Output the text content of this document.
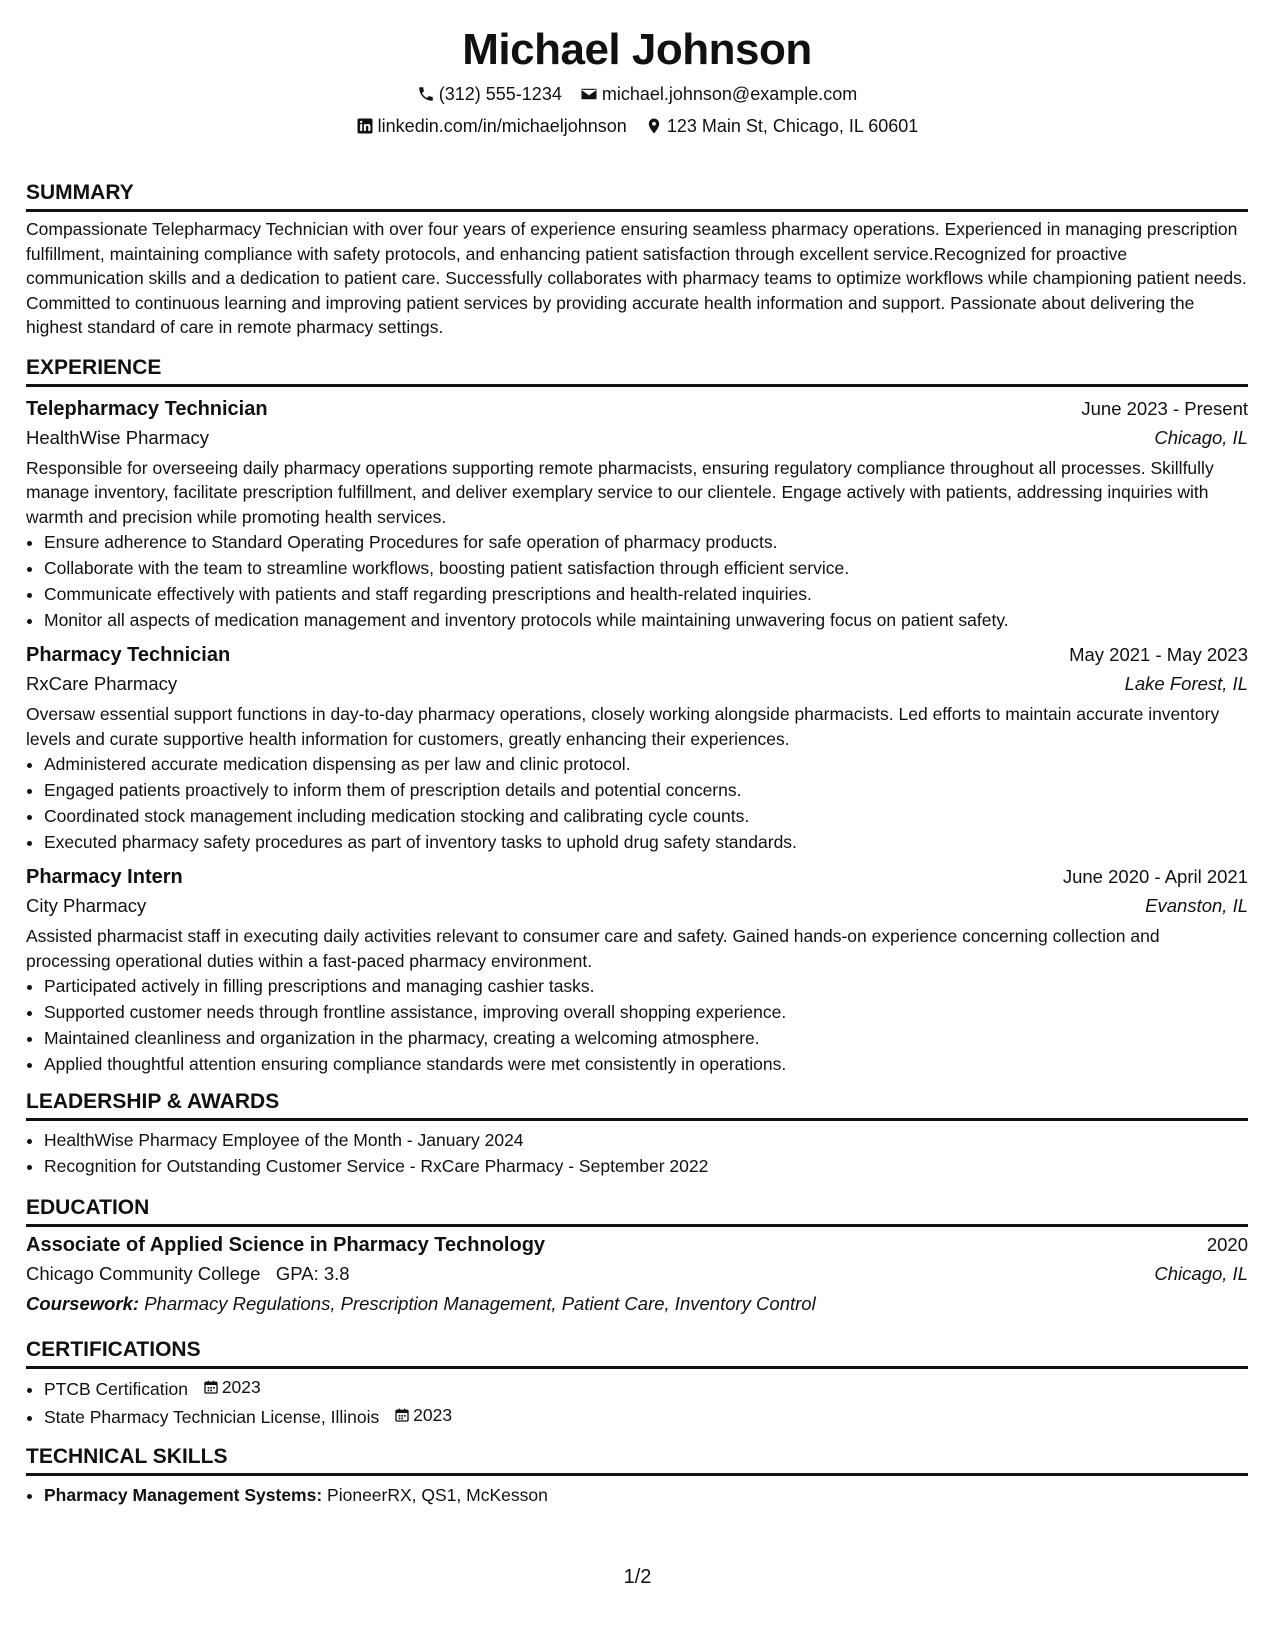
Michael Johnson
(312) 555-1234 michael.johnson@example.com
linkedin.com/in/michaeljohnson 123 Main St, Chicago, IL 60601
SUMMARY

Compassionate Telepharmacy Technician with over four years of experience ensuring seamless pharmacy operations. Experienced in managing prescription fulfillment, maintaining compliance with safety protocols, and enhancing patient satisfaction through excellent service.Recognized for proactive communication skills and a dedication to patient care. Successfully collaborates with pharmacy teams to optimize workflows while championing patient needs. Committed to continuous learning and improving patient services by providing accurate health information and support. Passionate about delivering the highest standard of care in remote pharmacy settings.

EXPERIENCE
Telepharmacy Technician	June 2023 - Present
HealthWise Pharmacy	Chicago, IL

Responsible for overseeing daily pharmacy operations supporting remote pharmacists, ensuring regulatory compliance throughout all processes. Skillfully manage inventory, facilitate prescription fulfillment, and deliver exemplary service to our clientele. Engage actively with patients, addressing inquiries with warmth and precision while promoting health services.

• Ensure adherence to Standard Operating Procedures for safe operation of pharmacy products.
• Collaborate with the team to streamline workflows, boosting patient satisfaction through efficient service.
• Communicate effectively with patients and staff regarding prescriptions and health-related inquiries.
• Monitor all aspects of medication management and inventory protocols while maintaining unwavering focus on patient safety.
Pharmacy Technician	May 2021 - May 2023
RxCare Pharmacy	Lake Forest, IL

Oversaw essential support functions in day-to-day pharmacy operations, closely working alongside pharmacists. Led efforts to maintain accurate inventory levels and curate supportive health information for customers, greatly enhancing their experiences.

• Administered accurate medication dispensing as per law and clinic protocol.
• Engaged patients proactively to inform them of prescription details and potential concerns.
• Coordinated stock management including medication stocking and calibrating cycle counts.
• Executed pharmacy safety procedures as part of inventory tasks to uphold drug safety standards.
Pharmacy Intern	June 2020 - April 2021
City Pharmacy	Evanston, IL

Assisted pharmacist staff in executing daily activities relevant to consumer care and safety. Gained hands-on experience concerning collection and processing operational duties within a fast-paced pharmacy environment.

• Participated actively in filling prescriptions and managing cashier tasks.
• Supported customer needs through frontline assistance, improving overall shopping experience.
• Maintained cleanliness and organization in the pharmacy, creating a welcoming atmosphere.
• Applied thoughtful attention ensuring compliance standards were met consistently in operations.
LEADERSHIP & AWARDS
• HealthWise Pharmacy Employee of the Month - January 2024
• Recognition for Outstanding Customer Service - RxCare Pharmacy - September 2022
EDUCATION
Associate of Applied Science in Pharmacy Technology	2020
Chicago Community College GPA: 3.8	Chicago, IL
Coursework: Pharmacy Regulations, Prescription Management, Patient Care, Inventory Control
CERTIFICATIONS
• PTCB Certification 2023
• State Pharmacy Technician License, Illinois 2023
TECHNICAL SKILLS
• Pharmacy Management Systems: PioneerRX, QS1, McKesson
1/2
